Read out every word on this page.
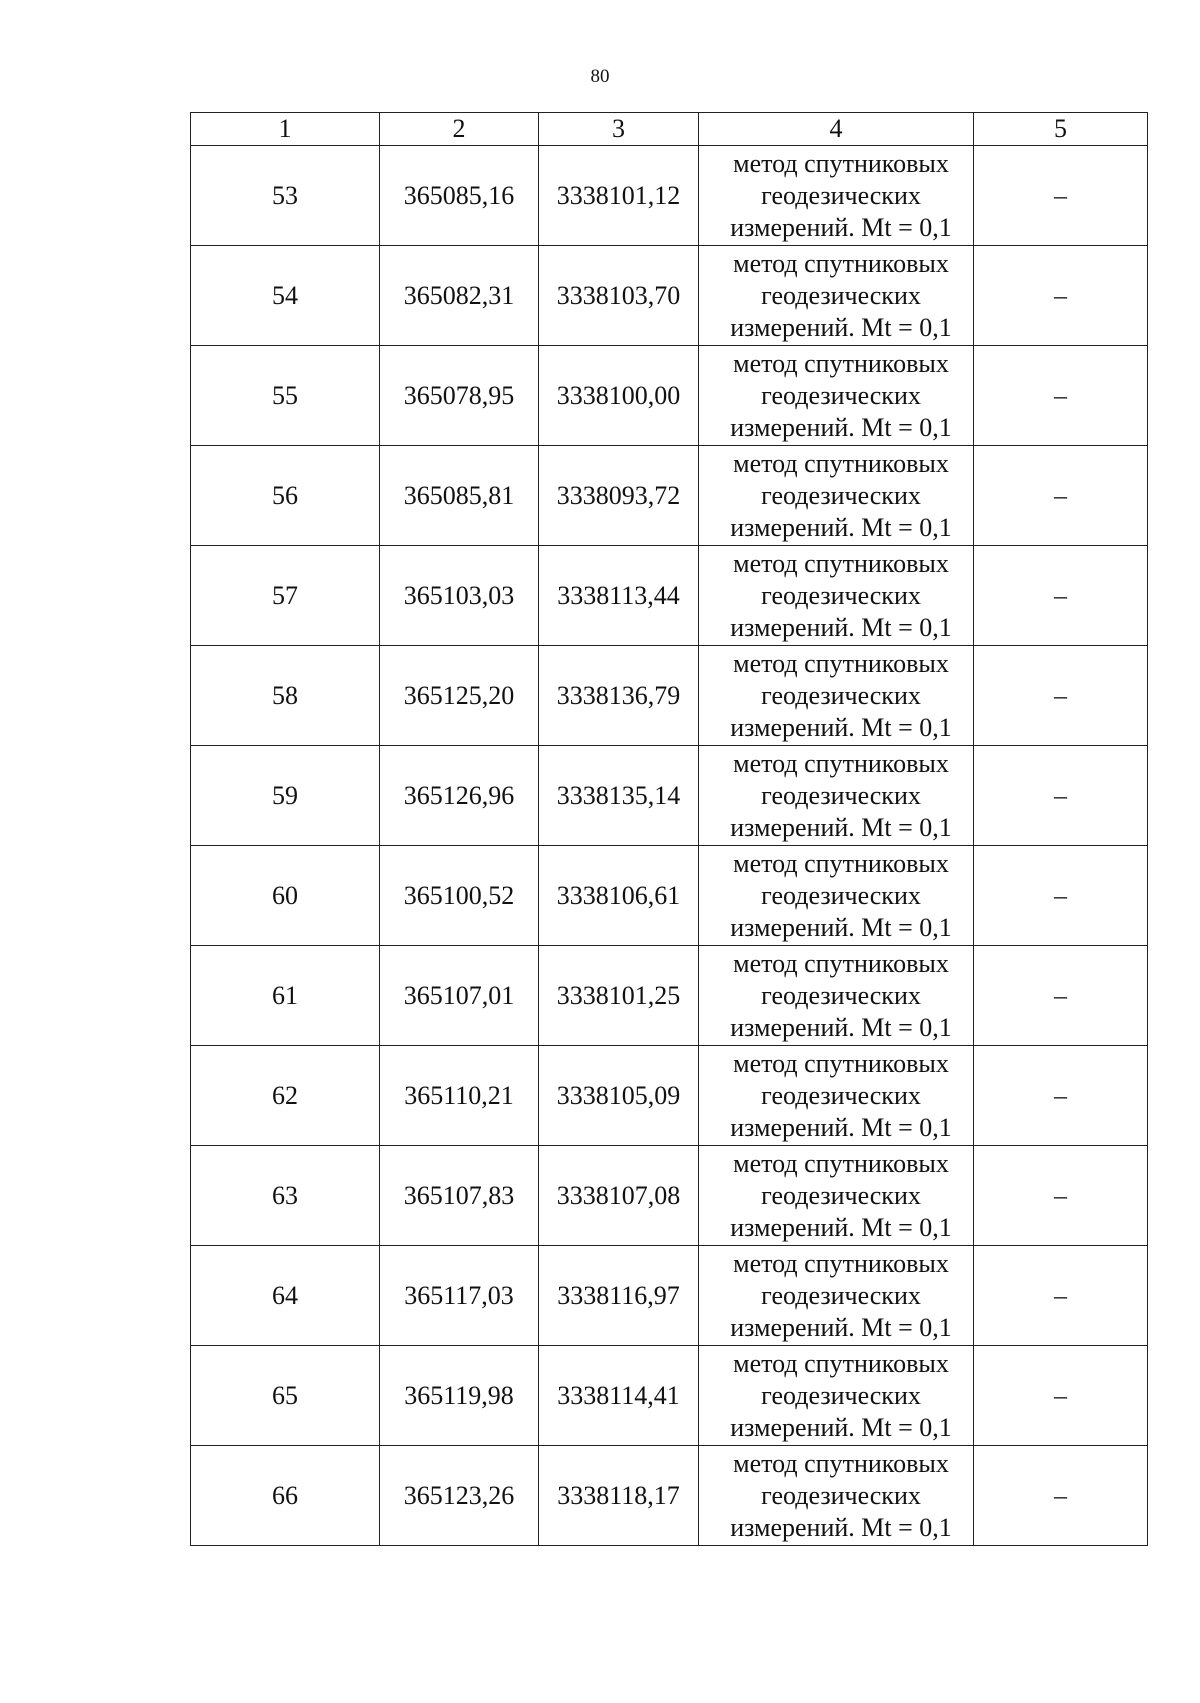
80
1	2	3	4	5
53	365085,16	3338101,12	метод спутниковых
геодезических
измерений. Mt = 0,1	–
54	365082,31	3338103,70	метод спутниковых
геодезических
измерений. Mt = 0,1	–
55	365078,95	3338100,00	метод спутниковых
геодезических
измерений. Mt = 0,1	–
56	365085,81	3338093,72	метод спутниковых
геодезических
измерений. Mt = 0,1	–
57	365103,03	3338113,44	метод спутниковых
геодезических
измерений. Mt = 0,1	–
58	365125,20	3338136,79	метод спутниковых
геодезических
измерений. Mt = 0,1	–
59	365126,96	3338135,14	метод спутниковых
геодезических
измерений. Mt = 0,1	–
60	365100,52	3338106,61	метод спутниковых
геодезических
измерений. Mt = 0,1	–
61	365107,01	3338101,25	метод спутниковых
геодезических
измерений. Mt = 0,1	–
62	365110,21	3338105,09	метод спутниковых
геодезических
измерений. Mt = 0,1	–
63	365107,83	3338107,08	метод спутниковых
геодезических
измерений. Mt = 0,1	–
64	365117,03	3338116,97	метод спутниковых
геодезических
измерений. Mt = 0,1	–
65	365119,98	3338114,41	метод спутниковых
геодезических
измерений. Mt = 0,1	–
66	365123,26	3338118,17	метод спутниковых
геодезических
измерений. Mt = 0,1	–
